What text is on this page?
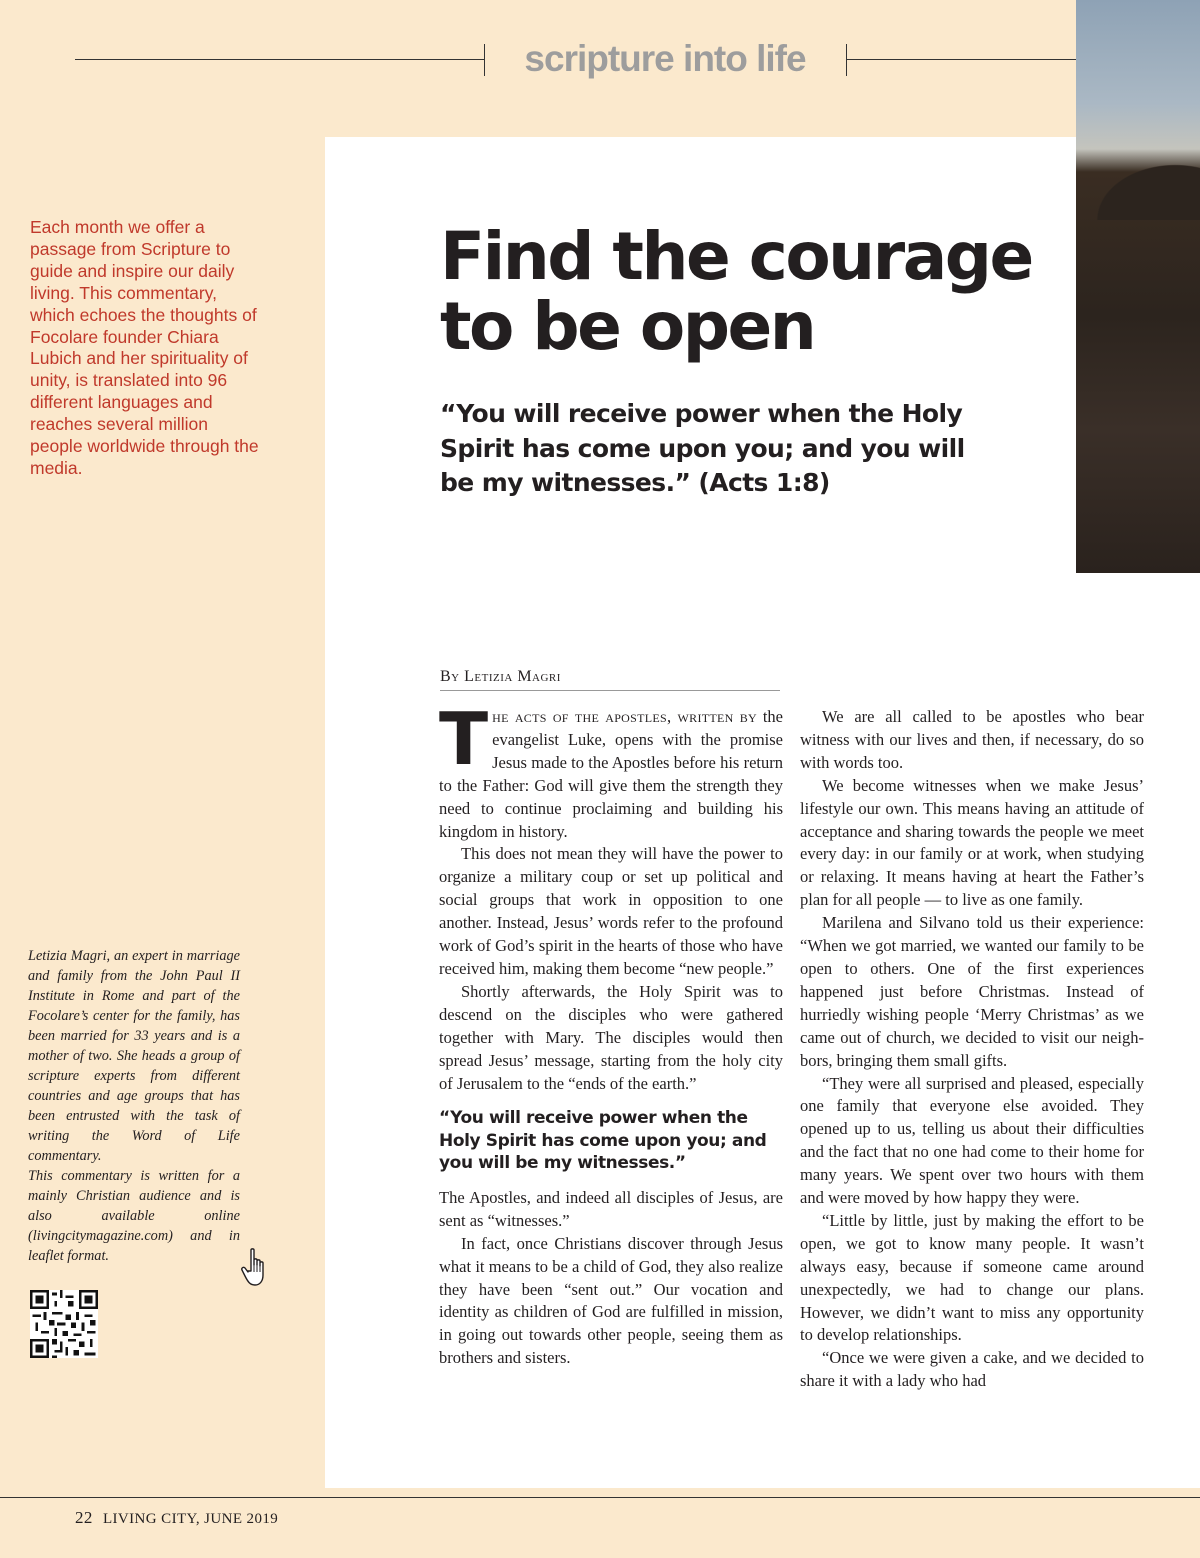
scripture into life
Each month we offer a passage from Scripture to guide and inspire our daily living. This commentary, which echoes the thoughts of Focolare founder Chiara Lubich and her spirituality of unity, is translated into 96 different languages and reaches several million people worldwide through the media.
Find the courage to be open
“You will receive power when the Holy Spirit has come upon you; and you will be my witnesses.” (Acts 1:8)
By Letizia Magri

The acts of the apostles, written by the evangelist Luke, opens with the promise Jesus made to the Apostles before his return to the Father: God will give them the strength they need to continue proclaiming and building his kingdom in history.

This does not mean they will have the power to organize a military coup or set up political and social groups that work in opposition to one another. Instead, Jesus’ words refer to the profound work of God’s spirit in the hearts of those who have received him, making them become “new people.”

Shortly afterwards, the Holy Spirit was to descend on the disciples who were gathered together with Mary. The disciples would then spread Jesus’ message, starting from the holy city of Jerusalem to the “ends of the earth.”

“You will receive power when the Holy Spirit has come upon you; and you will be my witnesses.”

The Apostles, and indeed all disciples of Jesus, are sent as “witnesses.”

In fact, once Christians discover through Jesus what it means to be a child of God, they also realize they have been “sent out.” Our vocation and identity as children of God are fulfilled in mission, in going out towards other people, seeing them as brothers and sisters.

We are all called to be apostles who bear witness with our lives and then, if necessary, do so with words too.

We become witnesses when we make Jesus’ lifestyle our own. This means having an attitude of acceptance and sharing towards the people we meet every day: in our family or at work, when studying or relaxing. It means having at heart the Father’s plan for all people — to live as one family.

Marilena and Silvano told us their experience: “When we got married, we wanted our family to be open to others. One of the first experiences happened just before Christmas. Instead of hurriedly wishing people ‘Merry Christmas’ as we came out of church, we decided to visit our neighbors, bringing them small gifts.

“They were all surprised and pleased, especially one family that everyone else avoided. They opened up to us, telling us about their difficulties and the fact that no one had come to their home for many years. We spent over two hours with them and were moved by how happy they were.

“Little by little, just by making the effort to be open, we got to know many people. It wasn’t always easy, because if someone came around unexpectedly, we had to change our plans. However, we didn’t want to miss any opportunity to develop relationships.

“Once we were given a cake, and we decided to share it with a lady who had

Letizia Magri, an expert in marriage and family from the John Paul II Institute in Rome and part of the Focolare’s center for the family, has been married for 33 years and is a mother of two. She heads a group of scripture experts from different countries and age groups that has been entrusted with the task of writing the Word of Life commentary.

This commentary is written for a mainly Christian audience and is also available online (livingcitymagazine.com) and in leaflet format.

22 LIVING CITY, JUNE 2019
